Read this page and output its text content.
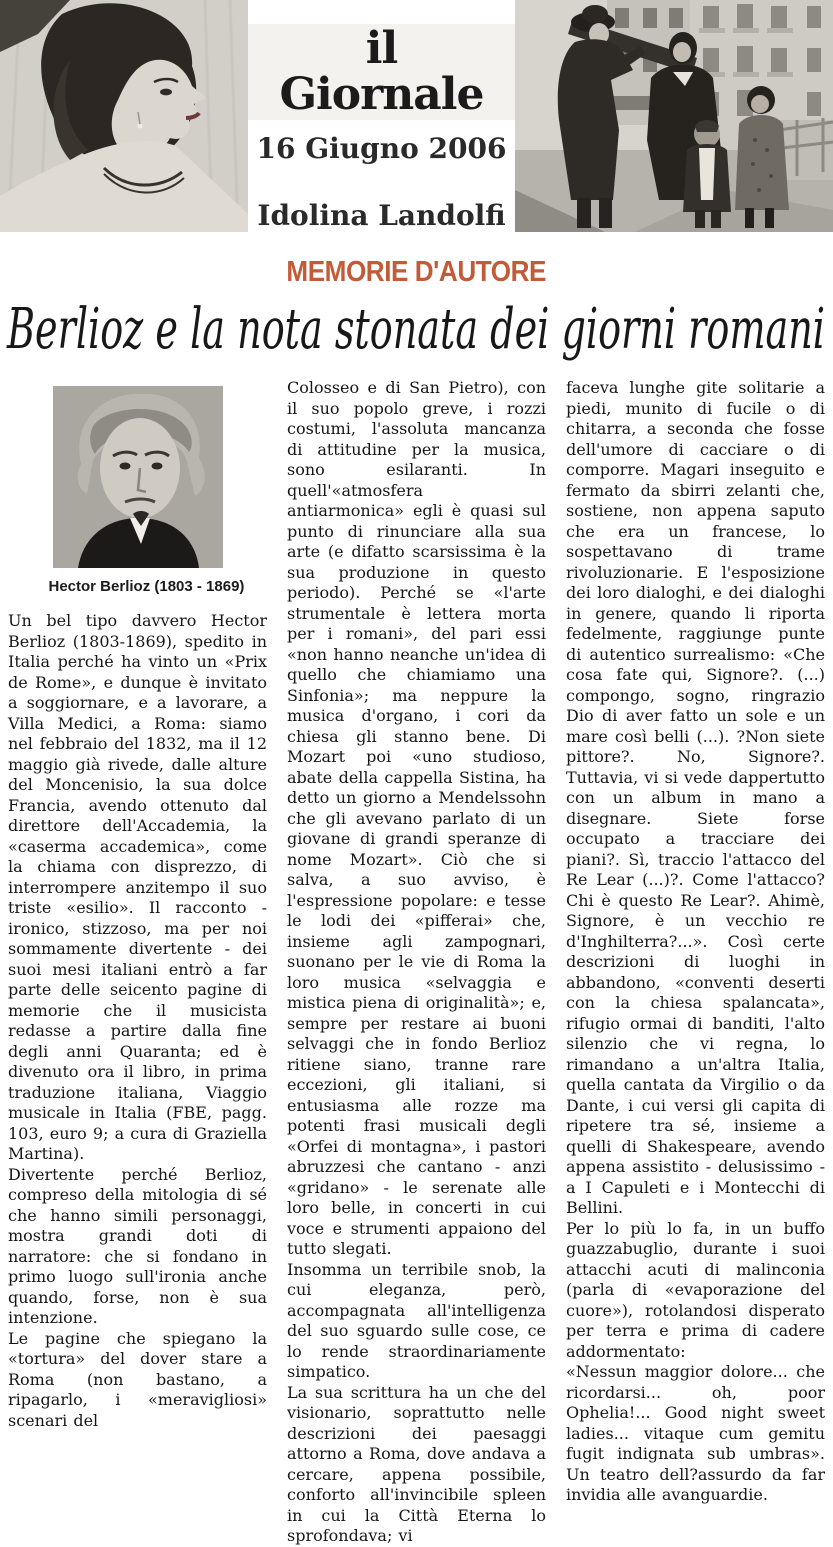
il Giornale
16 Giugno 2006
Idolina Landolfi
MEMORIE D'AUTORE
Berlioz e la nota stonata dei giorni romani
Hector Berlioz (1803 - 1869)

Un bel tipo davvero Hector Berlioz (1803-1869), spedito in Italia perché ha vinto un «Prix de Rome», e dunque è invitato a soggiornare, e a lavorare, a Villa Medici, a Roma: siamo nel febbraio del 1832, ma il 12 maggio già rivede, dalle alture del Moncenisio, la sua dolce Francia, avendo ottenuto dal direttore dell'Accademia, la «caserma accademica», come la chiama con disprezzo, di interrompere anzitempo il suo triste «esilio». Il racconto - ironico, stizzoso, ma per noi sommamente divertente - dei suoi mesi italiani entrò a far parte delle seicento pagine di memorie che il musicista redasse a partire dalla fine degli anni Quaranta; ed è divenuto ora il libro, in prima traduzione italiana, Viaggio musicale in Italia (FBE, pagg. 103, euro 9; a cura di Graziella Martina).

Divertente perché Berlioz, compreso della mitologia di sé che hanno simili personaggi, mostra grandi doti di narratore: che si fondano in primo luogo sull'ironia anche quando, forse, non è sua intenzione.

Le pagine che spiegano la «tortura» del dover stare a Roma (non bastano, a ripagarlo, i «meravigliosi» scenari del

Colosseo e di San Pietro), con il suo popolo greve, i rozzi costumi, l'assoluta mancanza di attitudine per la musica, sono esilaranti. In quell'«atmosfera antiarmonica» egli è quasi sul punto di rinunciare alla sua arte (e difatto scarsissima è la sua produzione in questo periodo). Perché se «l'arte strumentale è lettera morta per i romani», del pari essi «non hanno neanche un'idea di quello che chiamiamo una Sinfonia»; ma neppure la musica d'organo, i cori da chiesa gli stanno bene. Di Mozart poi «uno studioso, abate della cappella Sistina, ha detto un giorno a Mendelssohn che gli avevano parlato di un giovane di grandi speranze di nome Mozart». Ciò che si salva, a suo avviso, è l'espressione popolare: e tesse le lodi dei «pifferai» che, insieme agli zampognari, suonano per le vie di Roma la loro musica «selvaggia e mistica piena di originalità»; e, sempre per restare ai buoni selvaggi che in fondo Berlioz ritiene siano, tranne rare eccezioni, gli italiani, si entusiasma alle rozze ma potenti frasi musicali degli «Orfei di montagna», i pastori abruzzesi che cantano - anzi «gridano» - le serenate alle loro belle, in concerti in cui voce e strumenti appaiono del tutto slegati.

Insomma un terribile snob, la cui eleganza, però, accompagnata all'intelligenza del suo sguardo sulle cose, ce lo rende straordinariamente simpatico.

La sua scrittura ha un che del visionario, soprattutto nelle descrizioni dei paesaggi attorno a Roma, dove andava a cercare, appena possibile, conforto all'invincibile spleen in cui la Città Eterna lo sprofondava; vi

faceva lunghe gite solitarie a piedi, munito di fucile o di chitarra, a seconda che fosse dell'umore di cacciare o di comporre. Magari inseguito e fermato da sbirri zelanti che, sostiene, non appena saputo che era un francese, lo sospettavano di trame rivoluzionarie. E l'esposizione dei loro dialoghi, e dei dialoghi in genere, quando li riporta fedelmente, raggiunge punte di autentico surrealismo: «Che cosa fate qui, Signore?. (...) compongo, sogno, ringrazio Dio di aver fatto un sole e un mare così belli (...). ?Non siete pittore?. No, Signore?. Tuttavia, vi si vede dappertutto con un album in mano a disegnare. Siete forse occupato a tracciare dei piani?. Sì, traccio l'attacco del Re Lear (...)?. Come l'attacco? Chi è questo Re Lear?. Ahimè, Signore, è un vecchio re d'Inghilterra?...». Così certe descrizioni di luoghi in abbandono, «conventi deserti con la chiesa spalancata», rifugio ormai di banditi, l'alto silenzio che vi regna, lo rimandano a un'altra Italia, quella cantata da Virgilio o da Dante, i cui versi gli capita di ripetere tra sé, insieme a quelli di Shakespeare, avendo appena assistito - delusissimo - a I Capuleti e i Montecchi di Bellini.

Per lo più lo fa, in un buffo guazzabuglio, durante i suoi attacchi acuti di malinconia (parla di «evaporazione del cuore»), rotolandosi disperato per terra e prima di cadere addormentato:

«Nessun maggior dolore... che ricordarsi... oh, poor Ophelia!... Good night sweet ladies... vitaque cum gemitu fugit indignata sub umbras». Un teatro dell?assurdo da far invidia alle avanguardie.
